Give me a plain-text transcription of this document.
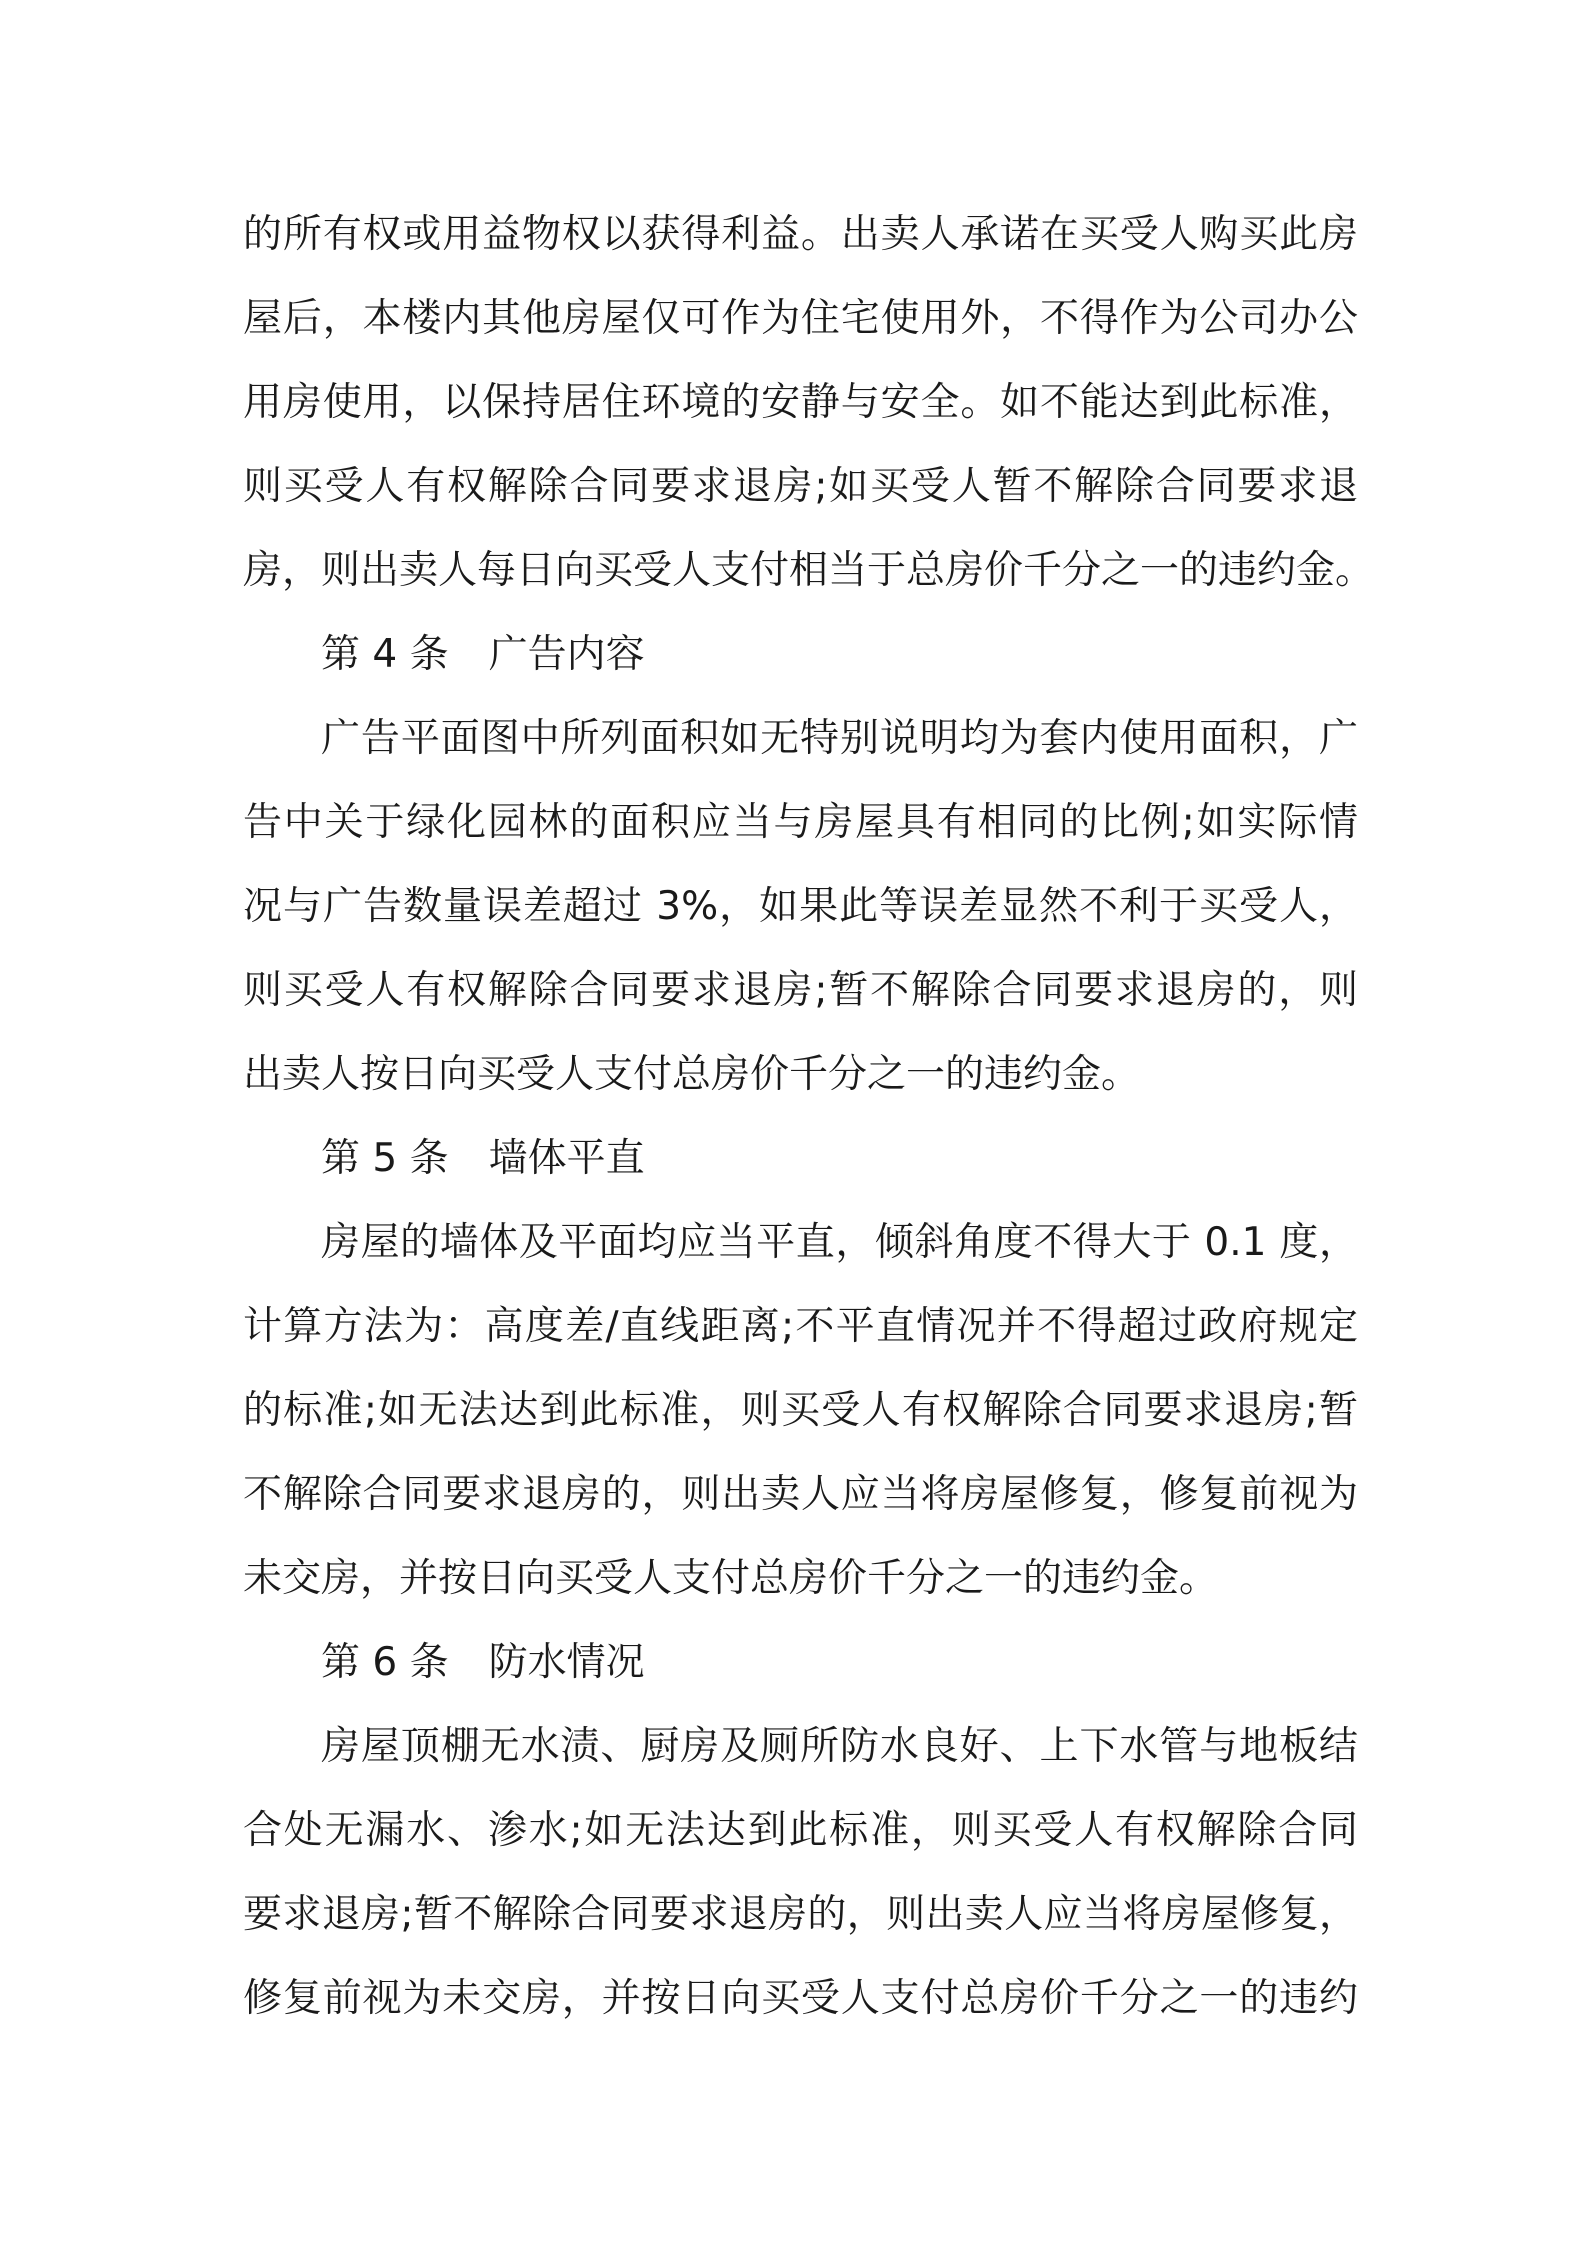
的所有权或用益物权以获得利益。出卖人承诺在买受人购买此房
屋后，本楼内其他房屋仅可作为住宅使用外，不得作为公司办公
用房使用，以保持居住环境的安静与安全。如不能达到此标准，
则买受人有权解除合同要求退房;如买受人暂不解除合同要求退
房，则出卖人每日向买受人支付相当于总房价千分之一的违约金。
第 4 条 广告内容
广告平面图中所列面积如无特别说明均为套内使用面积，广
告中关于绿化园林的面积应当与房屋具有相同的比例;如实际情
况与广告数量误差超过 3%，如果此等误差显然不利于买受人，
则买受人有权解除合同要求退房;暂不解除合同要求退房的，则
出卖人按日向买受人支付总房价千分之一的违约金。
第 5 条 墙体平直
房屋的墙体及平面均应当平直，倾斜角度不得大于 0.1 度，
计算方法为：高度差/直线距离;不平直情况并不得超过政府规定
的标准;如无法达到此标准，则买受人有权解除合同要求退房;暂
不解除合同要求退房的，则出卖人应当将房屋修复，修复前视为
未交房，并按日向买受人支付总房价千分之一的违约金。
第 6 条 防水情况
房屋顶棚无水渍、厨房及厕所防水良好、上下水管与地板结
合处无漏水、渗水;如无法达到此标准，则买受人有权解除合同
要求退房;暂不解除合同要求退房的，则出卖人应当将房屋修复，
修复前视为未交房，并按日向买受人支付总房价千分之一的违约
